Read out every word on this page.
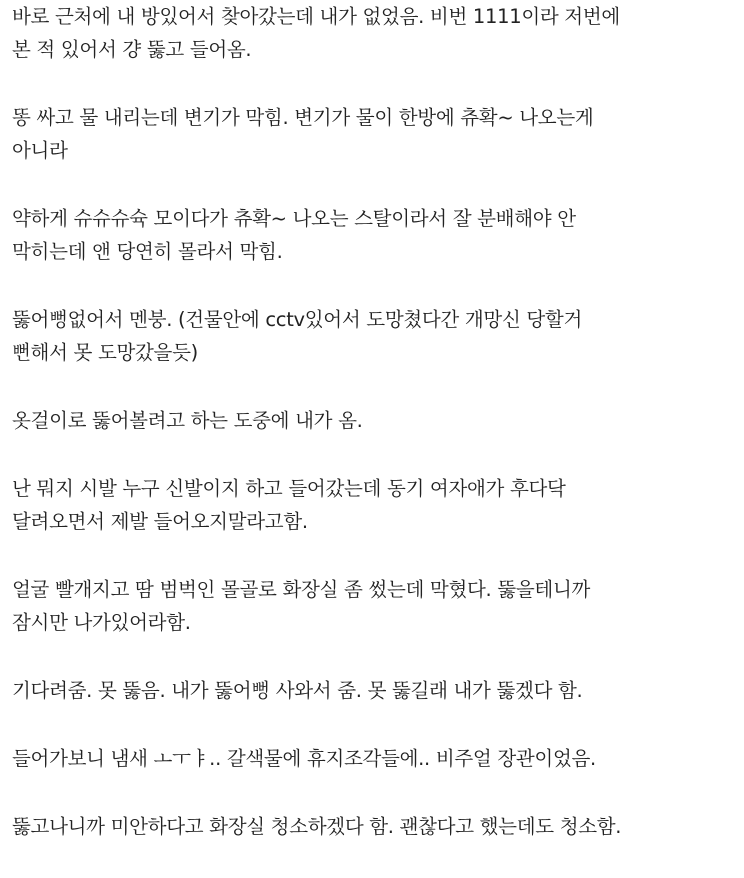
바로 근처에 내 방있어서 찾아갔는데 내가 없었음. 비번 1111이라 저번에
본 적 있어서 걍 뚫고 들어옴.

똥 싸고 물 내리는데 변기가 막힘. 변기가 물이 한방에 츄확~ 나오는게
아니라

약하게 슈슈슈슉 모이다가 츄확~ 나오는 스탈이라서 잘 분배해야 안
막히는데 앤 당연히 몰라서 막힘.

뚫어뻥없어서 멘붕. (건물안에 cctv있어서 도망쳤다간 개망신 당할거
뻔해서 못 도망갔을듯)

옷걸이로 뚫어볼려고 하는 도중에 내가 옴.

난 뭐지 시발 누구 신발이지 하고 들어갔는데 동기 여자애가 후다닥
달려오면서 제발 들어오지말라고함.

얼굴 빨개지고 땀 범벅인 몰골로 화장실 좀 썼는데 막혔다. 뚫을테니까
잠시만 나가있어라함.

기다려줌. 못 뚫음. 내가 뚫어뻥 사와서 줌. 못 뚫길래 내가 뚫겠다 함.

들어가보니 냄새 ㅗㅜㅑ.. 갈색물에 휴지조각들에.. 비주얼 장관이었음.

뚫고나니까 미안하다고 화장실 청소하겠다 함. 괜찮다고 했는데도 청소함.
